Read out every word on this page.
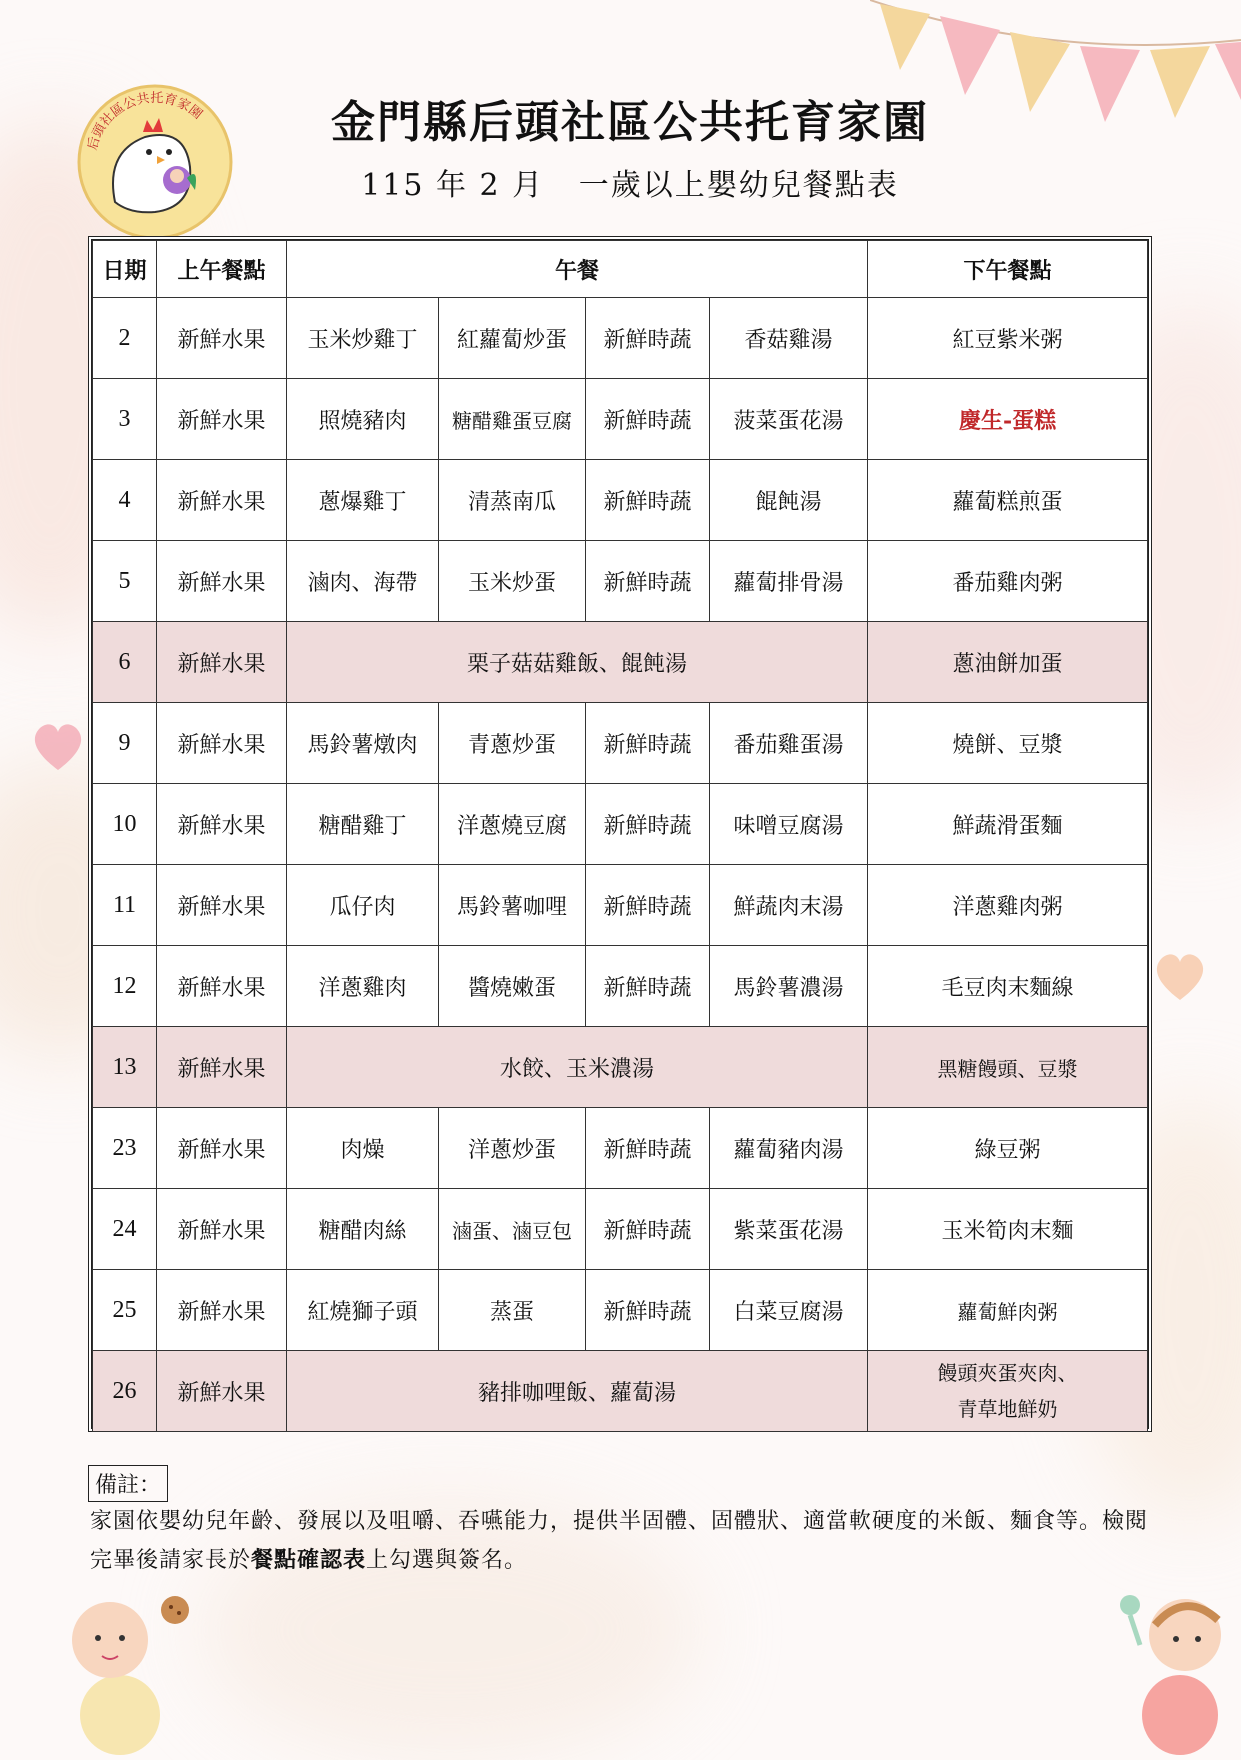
后頭社區公共托育家園	金門縣后頭社區公共托育家園
115 年 2 月   一歲以上嬰幼兒餐點表
日期	上午餐點	午餐				下午餐點
2	新鮮水果	玉米炒雞丁	紅蘿蔔炒蛋	新鮮時蔬	香菇雞湯	紅豆紫米粥
3	新鮮水果	照燒豬肉	糖醋雞蛋豆腐	新鮮時蔬	菠菜蛋花湯	慶生-蛋糕
4	新鮮水果	蔥爆雞丁	清蒸南瓜	新鮮時蔬	餛飩湯	蘿蔔糕煎蛋
5	新鮮水果	滷肉、海帶	玉米炒蛋	新鮮時蔬	蘿蔔排骨湯	番茄雞肉粥
6	新鮮水果	栗子菇菇雞飯、餛飩湯				蔥油餅加蛋
9	新鮮水果	馬鈴薯燉肉	青蔥炒蛋	新鮮時蔬	番茄雞蛋湯	燒餅、豆漿
10	新鮮水果	糖醋雞丁	洋蔥燒豆腐	新鮮時蔬	味噌豆腐湯	鮮蔬滑蛋麵
11	新鮮水果	瓜仔肉	馬鈴薯咖哩	新鮮時蔬	鮮蔬肉末湯	洋蔥雞肉粥
12	新鮮水果	洋蔥雞肉	醬燒嫩蛋	新鮮時蔬	馬鈴薯濃湯	毛豆肉末麵線
13	新鮮水果	水餃、玉米濃湯				黑糖饅頭、豆漿
23	新鮮水果	肉燥	洋蔥炒蛋	新鮮時蔬	蘿蔔豬肉湯	綠豆粥
24	新鮮水果	糖醋肉絲	滷蛋、滷豆包	新鮮時蔬	紫菜蛋花湯	玉米筍肉末麵
25	新鮮水果	紅燒獅子頭	蒸蛋	新鮮時蔬	白菜豆腐湯	蘿蔔鮮肉粥
26	新鮮水果	豬排咖哩飯、蘿蔔湯				饅頭夾蛋夾肉、
青草地鮮奶
備註：
家園依嬰幼兒年齡、發展以及咀嚼、吞嚥能力，提供半固體、固體狀、適當軟硬度的米飯、麵食等。檢閱完畢後請家長於餐點確認表上勾選與簽名。
